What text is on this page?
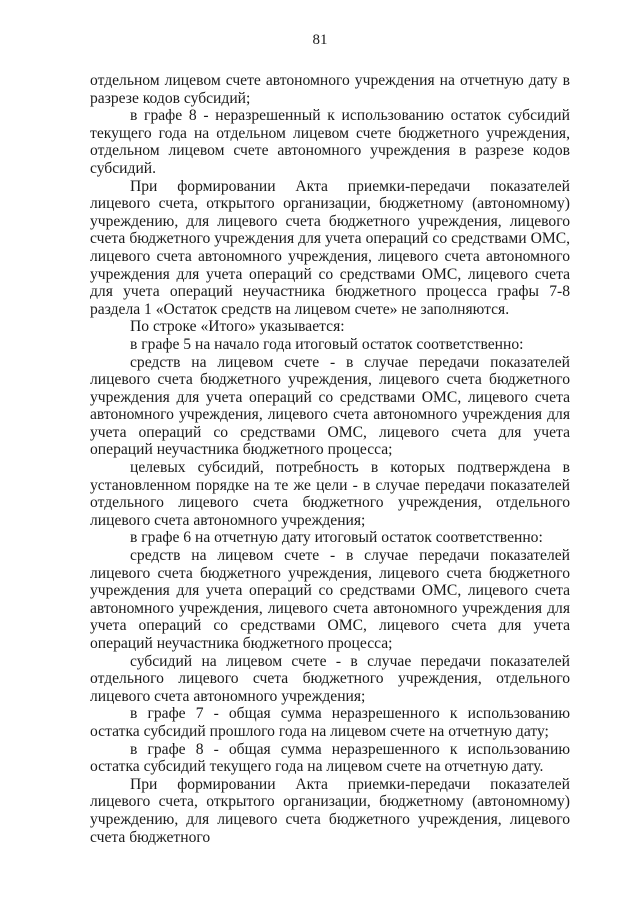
81

отдельном лицевом счете автономного учреждения на отчетную дату в разрезе кодов субсидий;

в графе 8 - неразрешенный к использованию остаток субсидий текущего года на отдельном лицевом счете бюджетного учреждения, отдельном лицевом счете автономного учреждения в разрезе кодов субсидий.

При формировании Акта приемки-передачи показателей лицевого счета, открытого организации, бюджетному (автономному) учреждению, для лицевого счета бюджетного учреждения, лицевого счета бюджетного учреждения для учета операций со средствами ОМС, лицевого счета автономного учреждения, лицевого счета автономного учреждения для учета операций со средствами ОМС, лицевого счета для учета операций неучастника бюджетного процесса графы 7-8 раздела 1 «Остаток средств на лицевом счете» не заполняются.

По строке «Итого» указывается:

в графе 5 на начало года итоговый остаток соответственно:

средств на лицевом счете - в случае передачи показателей лицевого счета бюджетного учреждения, лицевого счета бюджетного учреждения для учета операций со средствами ОМС, лицевого счета автономного учреждения, лицевого счета автономного учреждения для учета операций со средствами ОМС, лицевого счета для учета операций неучастника бюджетного процесса;

целевых субсидий, потребность в которых подтверждена в установленном порядке на те же цели - в случае передачи показателей отдельного лицевого счета бюджетного учреждения, отдельного лицевого счета автономного учреждения;

в графе 6 на отчетную дату итоговый остаток соответственно:

средств на лицевом счете - в случае передачи показателей лицевого счета бюджетного учреждения, лицевого счета бюджетного учреждения для учета операций со средствами ОМС, лицевого счета автономного учреждения, лицевого счета автономного учреждения для учета операций со средствами ОМС, лицевого счета для учета операций неучастника бюджетного процесса;

субсидий на лицевом счете - в случае передачи показателей отдельного лицевого счета бюджетного учреждения, отдельного лицевого счета автономного учреждения;

в графе 7 - общая сумма неразрешенного к использованию остатка субсидий прошлого года на лицевом счете на отчетную дату;

в графе 8 - общая сумма неразрешенного к использованию остатка субсидий текущего года на лицевом счете на отчетную дату.

При формировании Акта приемки-передачи показателей лицевого счета, открытого организации, бюджетному (автономному) учреждению, для лицевого счета бюджетного учреждения, лицевого счета бюджетного
